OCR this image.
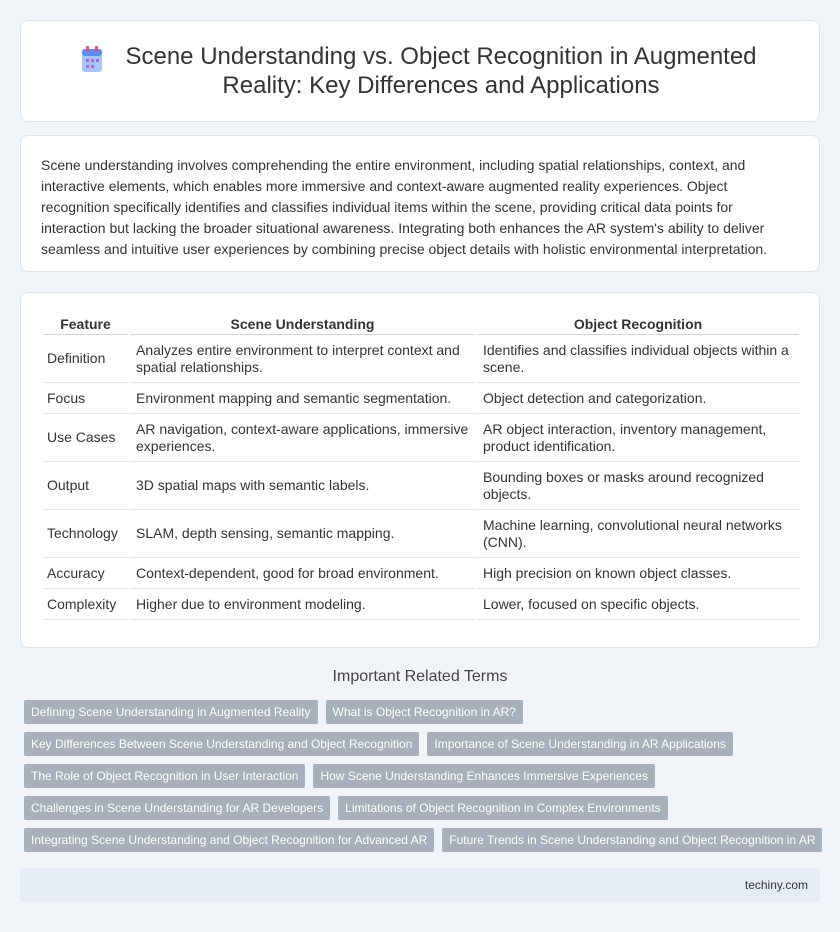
Scene Understanding vs. Object Recognition in Augmented Reality: Key Differences and Applications

Scene understanding involves comprehending the entire environment, including spatial relationships, context, and interactive elements, which enables more immersive and context-aware augmented reality experiences. Object recognition specifically identifies and classifies individual items within the scene, providing critical data points for interaction but lacking the broader situational awareness. Integrating both enhances the AR system's ability to deliver seamless and intuitive user experiences by combining precise object details with holistic environmental interpretation.

Feature	Scene Understanding	Object Recognition
Definition	Analyzes entire environment to interpret context and spatial relationships.	Identifies and classifies individual objects within a scene.
Focus	Environment mapping and semantic segmentation.	Object detection and categorization.
Use Cases	AR navigation, context-aware applications, immersive experiences.	AR object interaction, inventory management, product identification.
Output	3D spatial maps with semantic labels.	Bounding boxes or masks around recognized objects.
Technology	SLAM, depth sensing, semantic mapping.	Machine learning, convolutional neural networks (CNN).
Accuracy	Context-dependent, good for broad environment.	High precision on known object classes.
Complexity	Higher due to environment modeling.	Lower, focused on specific objects.
Important Related Terms
Defining Scene Understanding in Augmented Reality	What is Object Recognition in AR?
Key Differences Between Scene Understanding and Object Recognition	Importance of Scene Understanding in AR Applications
The Role of Object Recognition in User Interaction	How Scene Understanding Enhances Immersive Experiences
Challenges in Scene Understanding for AR Developers	Limitations of Object Recognition in Complex Environments
Integrating Scene Understanding and Object Recognition for Advanced AR	Future Trends in Scene Understanding and Object Recognition in AR
techiny.com
